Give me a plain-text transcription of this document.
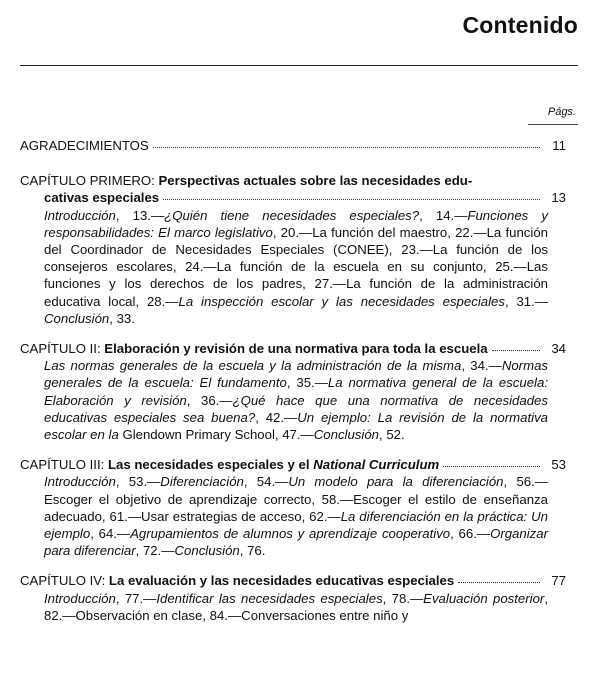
Contenido
Págs.
AGRADECIMIENTOS	11
CAPÍTULO PRIMERO: Perspectivas actuales sobre las necesidades edu-
cativas especiales	13
Introducción, 13.—¿Quién tiene necesidades especiales?, 14.—Funciones y responsabilidades: El marco legislativo, 20.—La función del maestro, 22.—La función del Coordinador de Necesidades Especiales (CONEE), 23.—La función de los consejeros escolares, 24.—La función de la escuela en su conjunto, 25.—Las funciones y los derechos de los padres, 27.—La función de la administración educativa local, 28.—La inspección escolar y las necesidades especiales, 31.—Conclusión, 33.
CAPÍTULO II: Elaboración y revisión de una normativa para toda la escuela	34
Las normas generales de la escuela y la administración de la misma, 34.—Normas generales de la escuela: El fundamento, 35.—La normativa general de la escuela: Elaboración y revisión, 36.—¿Qué hace que una normativa de necesidades educativas especiales sea buena?, 42.—Un ejemplo: La revisión de la normativa escolar en la Glendown Primary School, 47.—Conclusión, 52.
CAPÍTULO III: Las necesidades especiales y el National Curriculum	53
Introducción, 53.—Diferenciación, 54.—Un modelo para la diferenciación, 56.—Escoger el objetivo de aprendizaje correcto, 58.—Escoger el estilo de enseñanza adecuado, 61.—Usar estrategias de acceso, 62.—La diferenciación en la práctica: Un ejemplo, 64.—Agrupamientos de alumnos y aprendizaje cooperativo, 66.—Organizar para diferenciar, 72.—Conclusión, 76.
CAPÍTULO IV: La evaluación y las necesidades educativas especiales	77
Introducción, 77.—Identificar las necesidades especiales, 78.—Evaluación posterior, 82.—Observación en clase, 84.—Conversaciones entre niño y
